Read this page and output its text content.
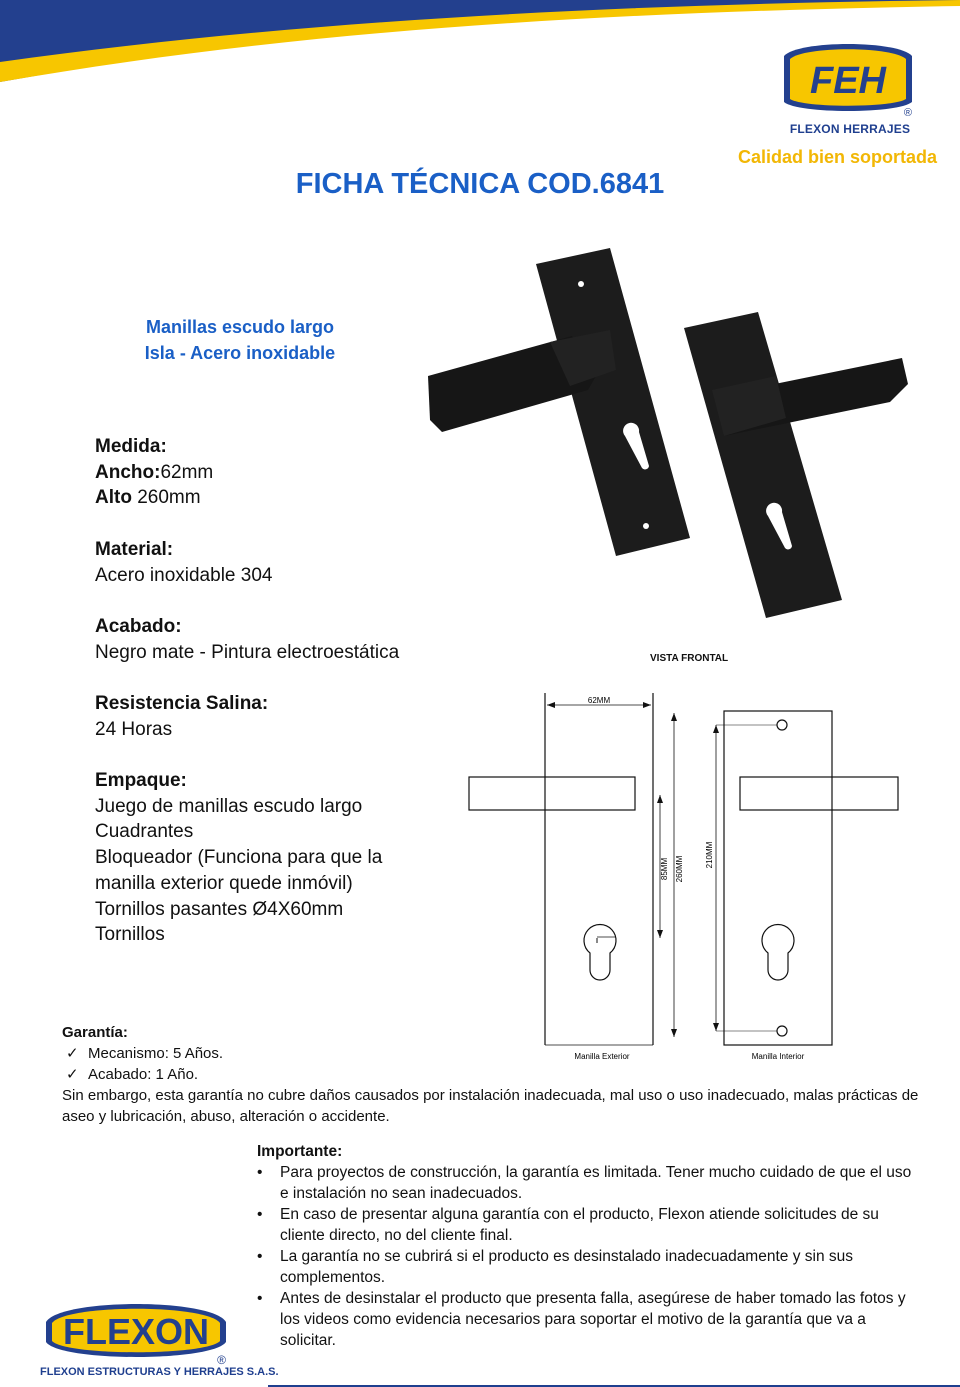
FEH
®
FLEXON HERRAJES
Calidad bien soportada
FICHA TÉCNICA COD.6841
Manillas escudo largo
Isla - Acero inoxidable
Medida:
Ancho:62mm
Alto 260mm
Material:
Acero inoxidable 304
Acabado:
Negro mate - Pintura electroestática
Resistencia Salina:
24 Horas
Empaque:
Juego de manillas escudo largo
Cuadrantes
Bloqueador (Funciona para que la
manilla exterior quede inmóvil)
Tornillos pasantes Ø4X60mm
Tornillos
VISTA FRONTAL
62MM
85MM 260MM
210MM
Manilla Exterior	Manilla Interior
Garantía:
✓ Mecanismo: 5 Años.
✓ Acabado: 1 Año.
Sin embargo, esta garantía no cubre daños causados por instalación inadecuada, mal uso o uso inadecuado, malas prácticas de aseo y lubricación, abuso, alteración o accidente.
Importante:
• Para proyectos de construcción, la garantía es limitada. Tener mucho cuidado de que el uso e instalación no sean inadecuados.
• En caso de presentar alguna garantía con el producto, Flexon atiende solicitudes de su cliente directo, no del cliente final.
• La garantía no se cubrirá si el producto es desinstalado inadecuadamente y sin sus complementos.
• Antes de desinstalar el producto que presenta falla, asegúrese de haber tomado las fotos y los videos como evidencia necesarios para soportar el motivo de la garantía que va a solicitar.
FLEXON
®
FLEXON ESTRUCTURAS Y HERRAJES S.A.S.
